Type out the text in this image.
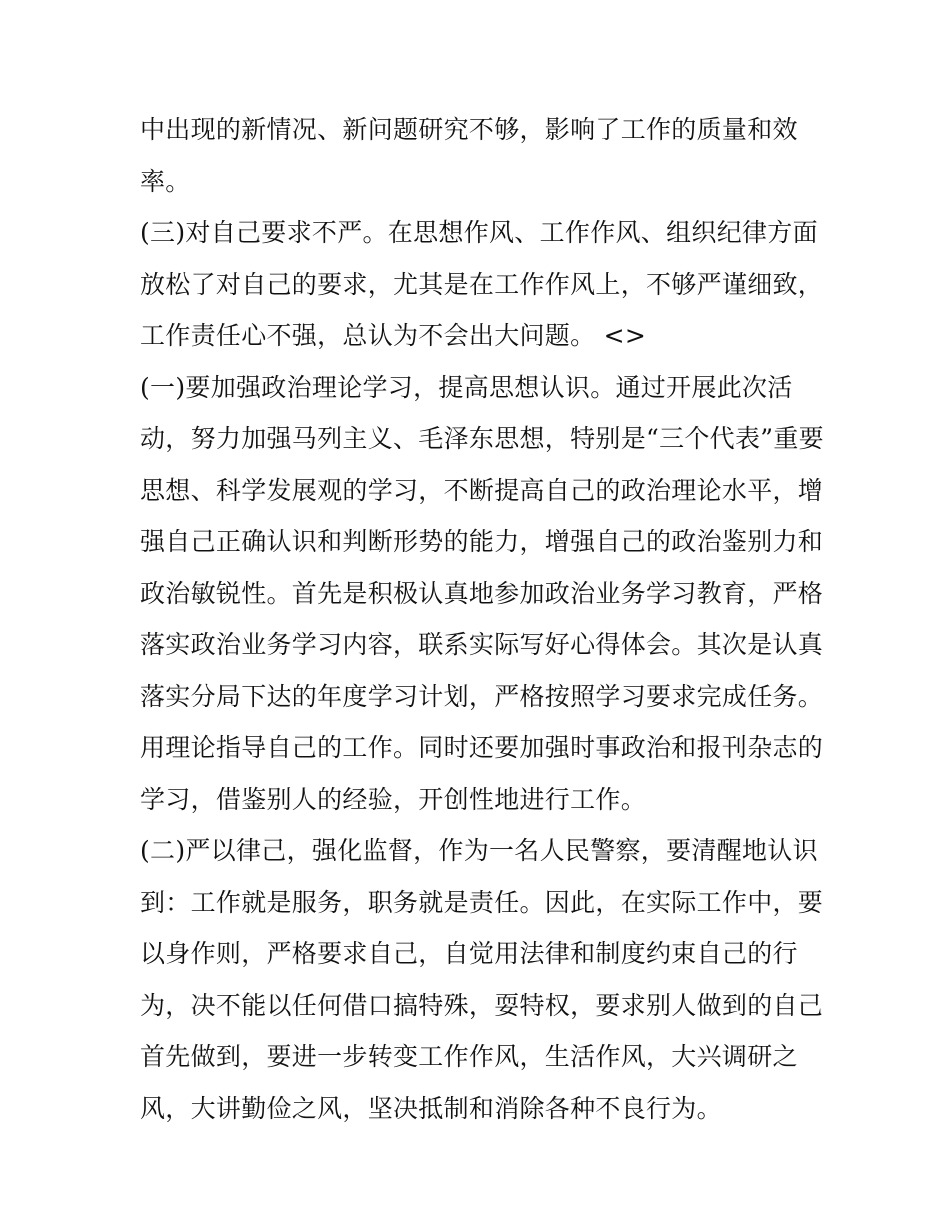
中出现的新情况、新问题研究不够，影响了工作的质量和效
率。
(三)对自己要求不严。在思想作风、工作作风、组织纪律方面
放松了对自己的要求，尤其是在工作作风上，不够严谨细致，
工作责任心不强，总认为不会出大问题。 <>
(一)要加强政治理论学习，提高思想认识。通过开展此次活
动，努力加强马列主义、毛泽东思想，特别是“三个代表”重要
思想、科学发展观的学习，不断提高自己的政治理论水平，增
强自己正确认识和判断形势的能力，增强自己的政治鉴别力和
政治敏锐性。首先是积极认真地参加政治业务学习教育，严格
落实政治业务学习内容，联系实际写好心得体会。其次是认真
落实分局下达的年度学习计划，严格按照学习要求完成任务。
用理论指导自己的工作。同时还要加强时事政治和报刊杂志的
学习，借鉴别人的经验，开创性地进行工作。
(二)严以律己，强化监督，作为一名人民警察，要清醒地认识
到：工作就是服务，职务就是责任。因此，在实际工作中，要
以身作则，严格要求自己，自觉用法律和制度约束自己的行
为，决不能以任何借口搞特殊，耍特权，要求别人做到的自己
首先做到，要进一步转变工作作风，生活作风，大兴调研之
风，大讲勤俭之风，坚决抵制和消除各种不良行为。
